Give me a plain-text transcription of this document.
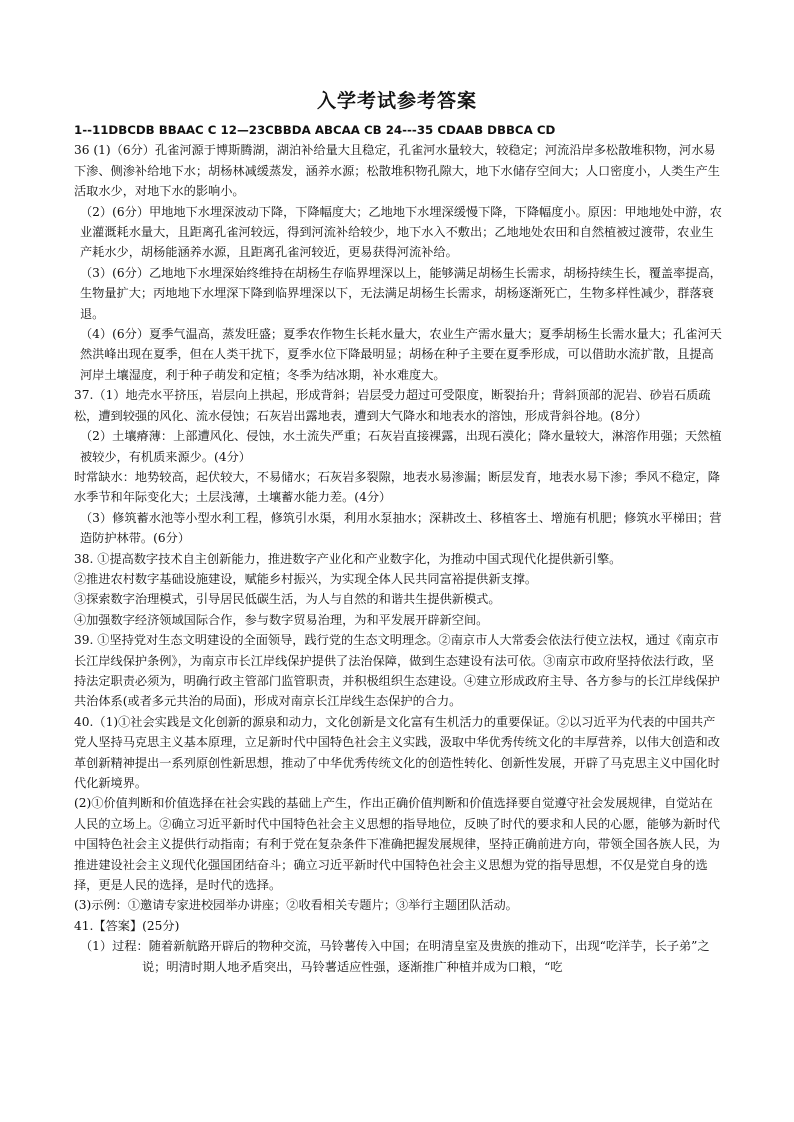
入学考试参考答案

1--11DBCDB BBAAC C 12—23CBBDA ABCAA CB 24---35 CDAAB DBBCA CD

36 (1)（6分）孔雀河源于博斯腾湖，湖泊补给量大且稳定，孔雀河水量较大，较稳定；河流沿岸多松散堆积物，河水易下渗、侧渗补给地下水；胡杨林减缓蒸发，涵养水源；松散堆积物孔隙大，地下水储存空间大；人口密度小，人类生产生活取水少，对地下水的影响小。

（2）(6分）甲地地下水埋深波动下降，下降幅度大；乙地地下水埋深缓慢下降，下降幅度小。原因：甲地地处中游，农业灌溉耗水量大，且距离孔雀河较远，得到河流补给较少，地下水入不敷出；乙地地处农田和自然植被过渡带，农业生产耗水少，胡杨能涵养水源，且距离孔雀河较近，更易获得河流补给。

（3）(6分）乙地地下水埋深始终维持在胡杨生存临界埋深以上，能够满足胡杨生长需求，胡杨持续生长，覆盖率提高，生物量扩大；丙地地下水埋深下降到临界埋深以下，无法满足胡杨生长需求，胡杨逐渐死亡，生物多样性减少，群落衰退。

（4）(6分）夏季气温高，蒸发旺盛；夏季农作物生长耗水量大，农业生产需水量大；夏季胡杨生长需水量大；孔雀河天然洪峰出现在夏季，但在人类干扰下，夏季水位下降最明显；胡杨在种子主要在夏季形成，可以借助水流扩散，且提高河岸土壤湿度，利于种子萌发和定植；冬季为结冰期，补水难度大。

37.（1）地壳水平挤压，岩层向上拱起，形成背斜；岩层受力超过可受限度，断裂抬升；背斜顶部的泥岩、砂岩石质疏松，遭到较强的风化、流水侵蚀；石灰岩出露地表，遭到大气降水和地表水的溶蚀，形成背斜谷地。(8分）

（2）土壤瘠薄：上部遭风化、侵蚀，水土流失严重；石灰岩直接裸露，出现石漠化；降水量较大，淋溶作用强；天然植被较少，有机质来源少。(4分）

时常缺水：地势较高，起伏较大，不易储水；石灰岩多裂隙，地表水易渗漏；断层发育，地表水易下渗；季风不稳定，降水季节和年际变化大；土层浅薄，土壤蓄水能力差。(4分）

（3）修筑蓄水池等小型水利工程，修筑引水渠，利用水泵抽水；深耕改土、移植客土、增施有机肥；修筑水平梯田；营造防护林带。(6分）

38. ①提高数字技术自主创新能力，推进数字产业化和产业数字化，为推动中国式现代化提供新引擎。

②推进农村数字基础设施建设，赋能乡村振兴，为实现全体人民共同富裕提供新支撑。

③探索数字治理模式，引导居民低碳生活，为人与自然的和谐共生提供新模式。

④加强数字经济领域国际合作，参与数字贸易治理，为和平发展开辟新空间。

39. ①坚持党对生态文明建设的全面领导，践行党的生态文明理念。②南京市人大常委会依法行使立法权，通过《南京市长江岸线保护条例》，为南京市长江岸线保护提供了法治保障，做到生态建设有法可依。③南京市政府坚持依法行政，坚持法定职责必须为，明确行政主管部门监管职责，并积极组织生态建设。④建立形成政府主导、各方参与的长江岸线保护共治体系(或者多元共治的局面)，形成对南京长江岸线生态保护的合力。

40.（1)①社会实践是文化创新的源泉和动力，文化创新是文化富有生机活力的重要保证。②以习近平为代表的中国共产党人坚持马克思主义基本原理，立足新时代中国特色社会主义实践，汲取中华优秀传统文化的丰厚营养，以伟大创造和改革创新精神提出一系列原创性新思想，推动了中华优秀传统文化的创造性转化、创新性发展，开辟了马克思主义中国化时代化新境界。

(2)①价值判断和价值选择在社会实践的基础上产生，作出正确价值判断和价值选择要自觉遵守社会发展规律，自觉站在人民的立场上。②确立习近平新时代中国特色社会主义思想的指导地位，反映了时代的要求和人民的心愿，能够为新时代中国特色社会主义提供行动指南；有利于党在复杂条件下准确把握发展规律，坚持正确前进方向，带领全国各族人民，为推进建设社会主义现代化强国团结奋斗；确立习近平新时代中国特色社会主义思想为党的指导思想，不仅是党自身的选择，更是人民的选择，是时代的选择。

(3)示例：①邀请专家进校园举办讲座；②收看相关专题片；③举行主题团队活动。

41.【答案】(25分)

（1）过程：随着新航路开辟后的物种交流，马铃薯传入中国；在明清皇室及贵族的推动下，出现“吃洋芋，长子弟”之说；明清时期人地矛盾突出，马铃薯适应性强，逐渐推广种植并成为口粮，“吃
